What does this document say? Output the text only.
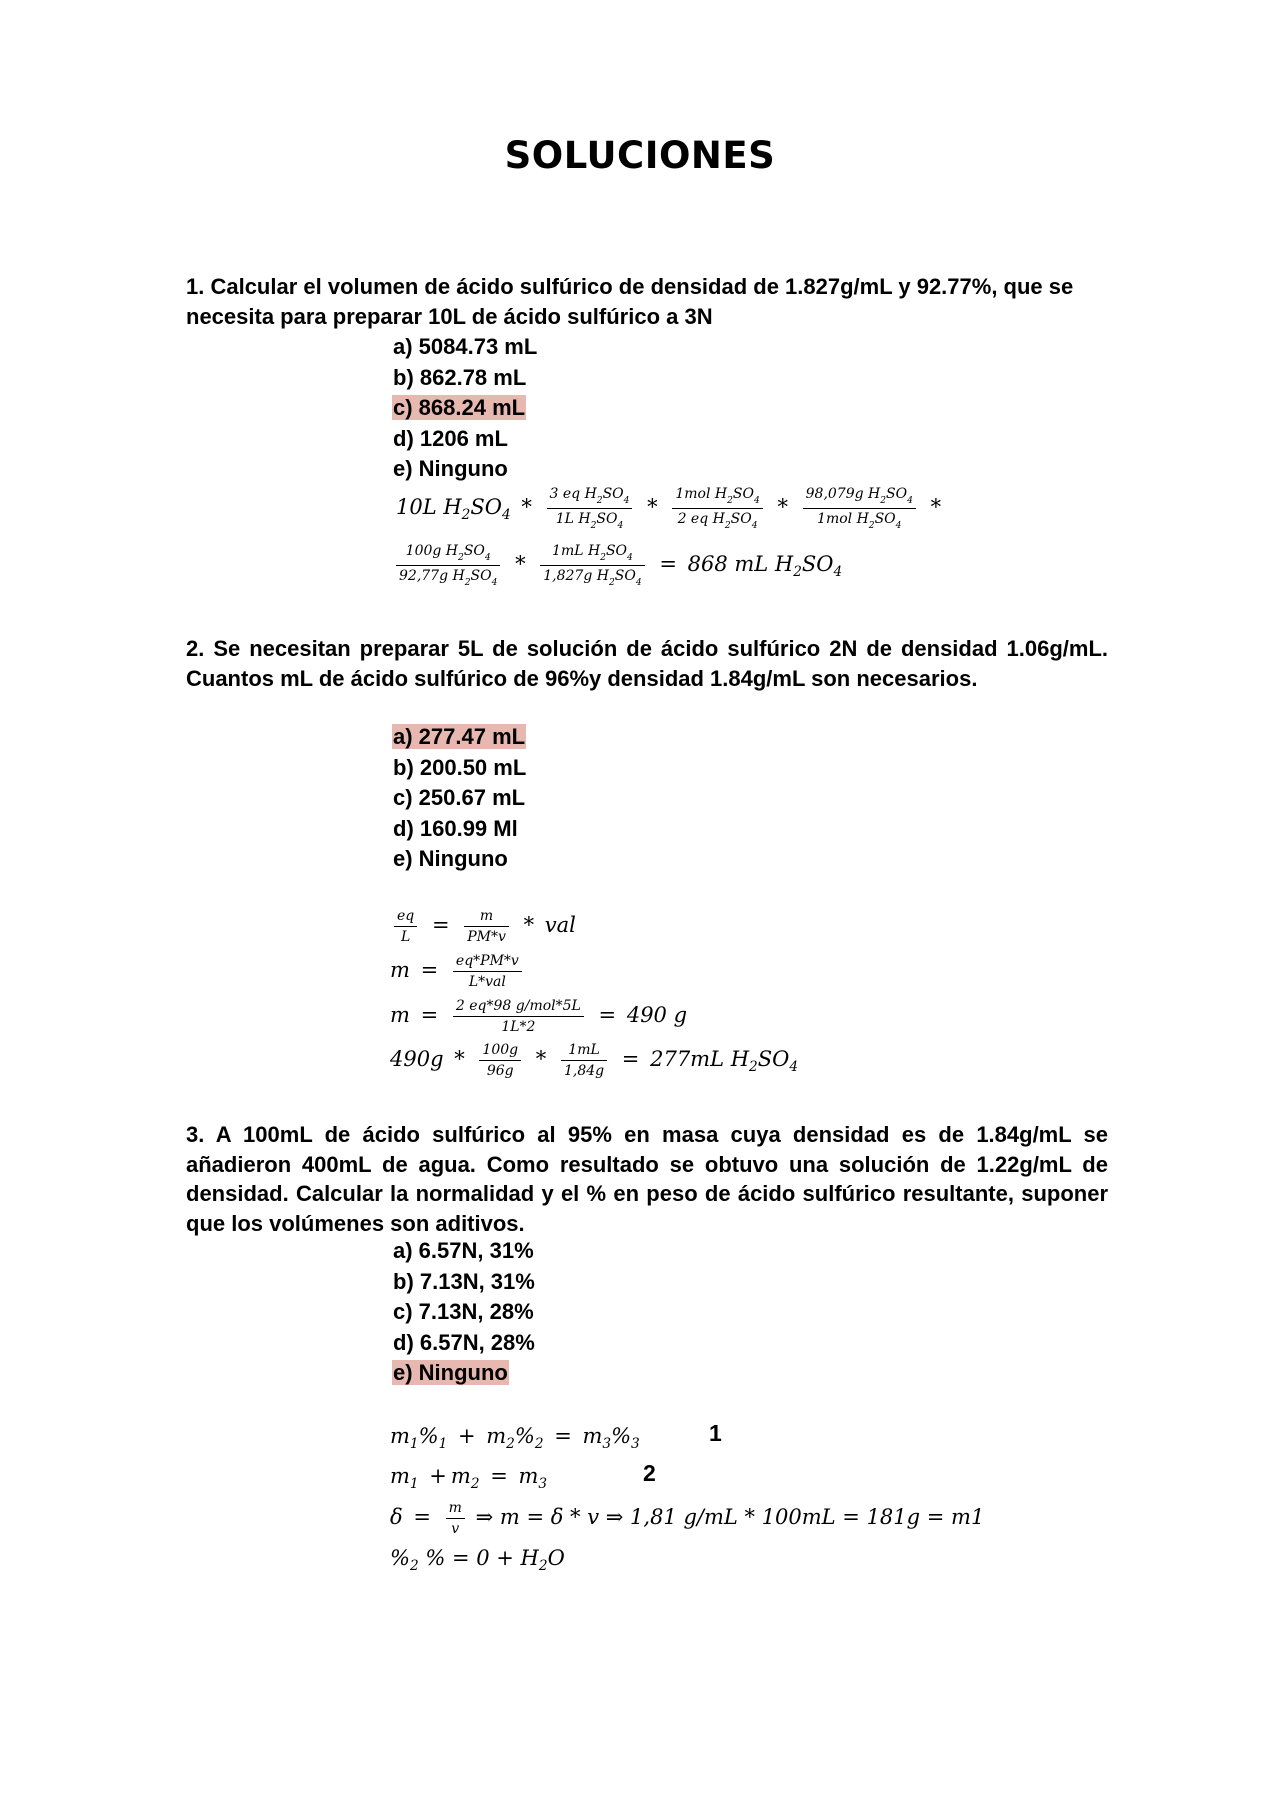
SOLUCIONES
1. Calcular el volumen de ácido sulfúrico de densidad de 1.827g/mL y 92.77%, que se necesita para preparar 10L de ácido sulfúrico a 3N
a) 5084.73 mL
b) 862.78 mL
c) 868.24 mL
d) 1206 mL
e) Ninguno
10L $H_2SO_4 * \frac{3 eq H_2SO_4}{1L H_2SO_4} * \frac{1mol H_2SO_4}{2 eq H_2SO_4} * \frac{98,079g H_2SO_4}{1mol H_2SO_4}$ *
$\frac{100g H_2SO_4}{92,77g H_2SO_4} * \frac{1mL H_2SO_4}{1,827g H_2SO_4} = 868$ mL $H_2SO_4$
2. Se necesitan preparar 5L de solución de ácido sulfúrico 2N de densidad 1.06g/mL. Cuantos mL de ácido sulfúrico de 96%y densidad 1.84g/mL son necesarios.
a) 277.47 mL
b) 200.50 mL
c) 250.67 mL
d) 160.99 Ml
e) Ninguno
$\frac{eq}{L} = \frac{m}{PM*v}$ * val
$m = \frac{eq*PM*v}{\text{L*val}}$
$m = \frac{\text{2 eq*98 g/mol*5L}}{1L*2} = 490$ g
$490g * \frac{100g}{96g} * \frac{1mL}{1,84g} = 277mL$ $H_2SO_4$
3. A 100mL de ácido sulfúrico al 95% en masa cuya densidad es de 1.84g/mL se añadieron 400mL de agua. Como resultado se obtuvo una solución de 1.22g/mL de densidad. Calcular la normalidad y el % en peso de ácido sulfúrico resultante, suponer que los volúmenes son aditivos.
a) 6.57N, 31%
b) 7.13N, 31%
c) 7.13N, 28%
d) 6.57N, 28%
e) Ninguno
$m_1\%_1 + m_2\%_2 = m_3\%_3$	1
$m_1 + m_2 = m_3$	2
$\delta = \frac{m}{v}$ ⇒ m = δ * v ⇒ 1,81 g/mL * 100mL = 181g = m1
$\%_2$ % = $0 + H_2O$
